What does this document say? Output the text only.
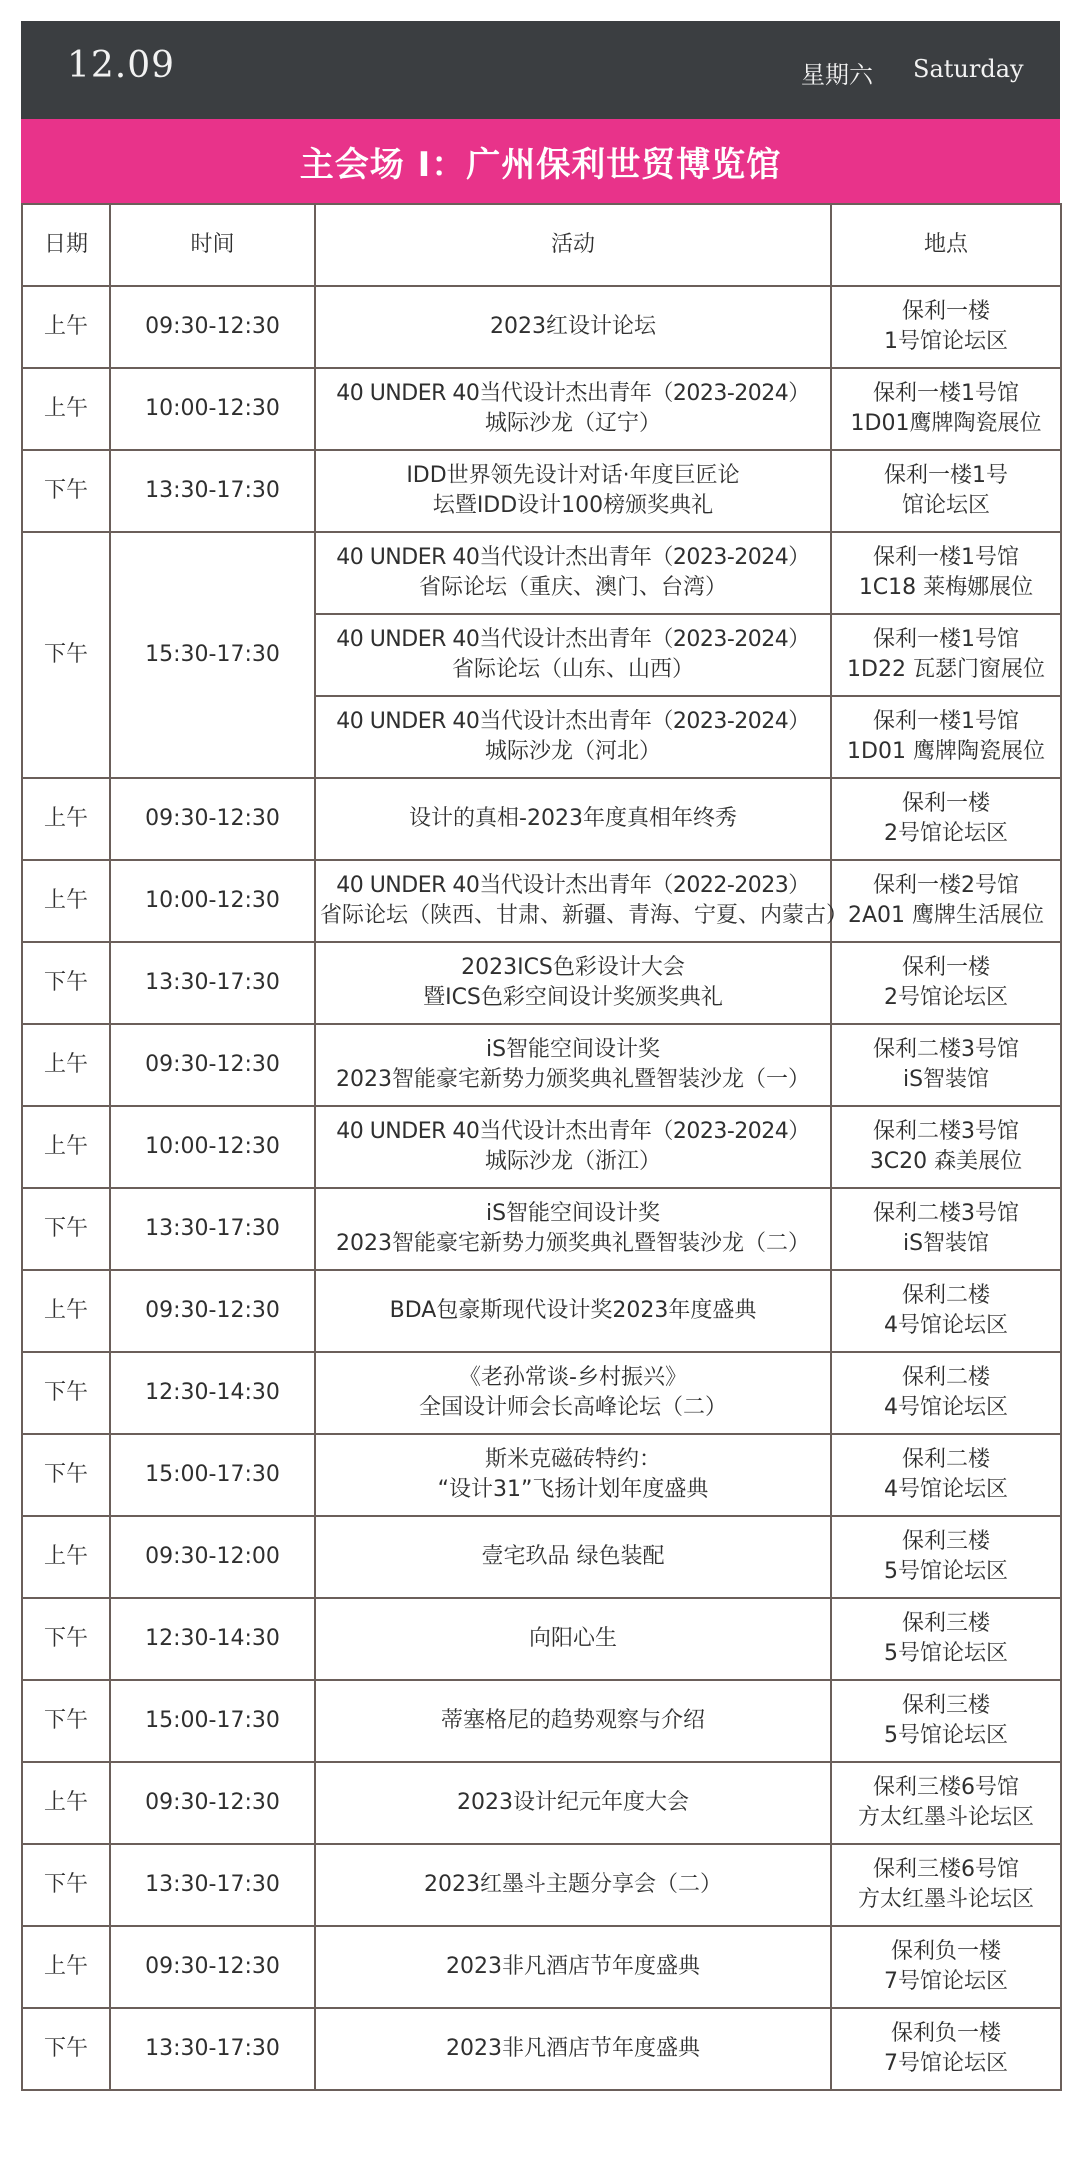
12.09	星期六 Saturday
主会场 I：广州保利世贸博览馆
日期	时间	活动	地点
上午	09:30-12:30	2023红设计论坛	保利一楼
1号馆论坛区

上午	10:00-12:30	40 UNDER 40当代设计杰出青年（2023-2024）
城际沙龙（辽宁）	保利一楼1号馆
1D01鹰牌陶瓷展位

下午	13:30-17:30	IDD世界领先设计对话·年度巨匠论
坛暨IDD设计100榜颁奖典礼	保利一楼1号
馆论坛区

下午	15:30-17:30	40 UNDER 40当代设计杰出青年（2023-2024）
省际论坛（重庆、澳门、台湾）	保利一楼1号馆
1C18 莱梅娜展位

		40 UNDER 40当代设计杰出青年（2023-2024）
省际论坛（山东、山西）	保利一楼1号馆
1D22 瓦瑟门窗展位

		40 UNDER 40当代设计杰出青年（2023-2024）
城际沙龙（河北）	保利一楼1号馆
1D01 鹰牌陶瓷展位

上午	09:30-12:30	设计的真相-2023年度真相年终秀	保利一楼
2号馆论坛区

上午	10:00-12:30	40 UNDER 40当代设计杰出青年（2022-2023）
省际论坛（陕西、甘肃、新疆、青海、宁夏、内蒙古）	保利一楼2号馆
2A01 鹰牌生活展位

下午	13:30-17:30	2023ICS色彩设计大会
暨ICS色彩空间设计奖颁奖典礼	保利一楼
2号馆论坛区

上午	09:30-12:30	iS智能空间设计奖
2023智能豪宅新势力颁奖典礼暨智装沙龙（一）	保利二楼3号馆
iS智装馆

上午	10:00-12:30	40 UNDER 40当代设计杰出青年（2023-2024）
城际沙龙（浙江）	保利二楼3号馆
3C20 森美展位

下午	13:30-17:30	iS智能空间设计奖
2023智能豪宅新势力颁奖典礼暨智装沙龙（二）	保利二楼3号馆
iS智装馆

上午	09:30-12:30	BDA包豪斯现代设计奖2023年度盛典	保利二楼
4号馆论坛区

下午	12:30-14:30	《老孙常谈-乡村振兴》
全国设计师会长高峰论坛（二）	保利二楼
4号馆论坛区

下午	15:00-17:30	斯米克磁砖特约：
“设计31”飞扬计划年度盛典	保利二楼
4号馆论坛区

上午	09:30-12:00	壹宅玖品 绿色装配	保利三楼
5号馆论坛区

下午	12:30-14:30	向阳心生	保利三楼
5号馆论坛区

下午	15:00-17:30	蒂塞格尼的趋势观察与介绍	保利三楼
5号馆论坛区

上午	09:30-12:30	2023设计纪元年度大会	保利三楼6号馆
方太红墨斗论坛区

下午	13:30-17:30	2023红墨斗主题分享会（二）	保利三楼6号馆
方太红墨斗论坛区

上午	09:30-12:30	2023非凡酒店节年度盛典	保利负一楼
7号馆论坛区

下午	13:30-17:30	2023非凡酒店节年度盛典	保利负一楼
7号馆论坛区
